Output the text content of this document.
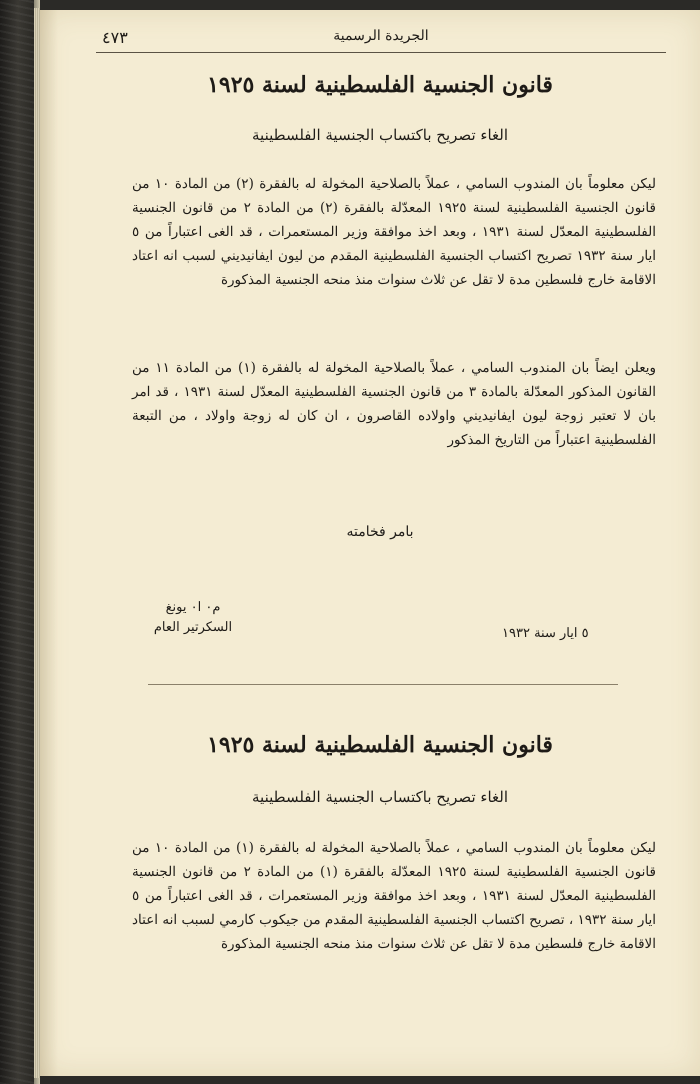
٤٧٣	الجريدة الرسمية
قانون الجنسية الفلسطينية لسنة ١٩٢٥
الغاء تصريح باكتساب الجنسية الفلسطينية
ليكن معلوماً بان المندوب السامي ، عملاً بالصلاحية المخولة له بالفقرة (٢) من المادة ١٠ من قانون الجنسية الفلسطينية لسنة ١٩٢٥ المعدّلة بالفقرة (٢) من المادة ٢ من قانون الجنسية الفلسطينية المعدّل لسنة ١٩٣١ ، وبعد اخذ موافقة وزير المستعمرات ، قد الغى اعتباراً من ٥ ايار سنة ١٩٣٢ تصريح اكتساب الجنسية الفلسطينية المقدم من ليون ايفانيديني لسبب انه اعتاد الاقامة خارج فلسطين مدة لا تقل عن ثلاث سنوات منذ منحه الجنسية المذكورة
ويعلن ايضاً بان المندوب السامي ، عملاً بالصلاحية المخولة له بالفقرة (١) من المادة ١١ من القانون المذكور المعدّلة بالمادة ٣ من قانون الجنسية الفلسطينية المعدّل لسنة ١٩٣١ ، قد امر بان لا تعتبر زوجة ليون ايفانيديني واولاده القاصرون ، ان كان له زوجة واولاد ، من التبعة الفلسطينية اعتباراً من التاريخ المذكور
بامر فخامته
م٠ ا٠ يونغ
السكرتير العام	٥ ايار سنة ١٩٣٢
قانون الجنسية الفلسطينية لسنة ١٩٢٥
الغاء تصريح باكتساب الجنسية الفلسطينية
ليكن معلوماً بان المندوب السامي ، عملاً بالصلاحية المخولة له بالفقرة (١) من المادة ١٠ من قانون الجنسية الفلسطينية لسنة ١٩٢٥ المعدّلة بالفقرة (١) من المادة ٢ من قانون الجنسية الفلسطينية المعدّل لسنة ١٩٣١ ، وبعد اخذ موافقة وزير المستعمرات ، قد الغى اعتباراً من ٥ ايار سنة ١٩٣٢ ، تصريح اكتساب الجنسية الفلسطينية المقدم من جيكوب كارمي لسبب انه اعتاد الاقامة خارج فلسطين مدة لا تقل عن ثلاث سنوات منذ منحه الجنسية المذكورة
